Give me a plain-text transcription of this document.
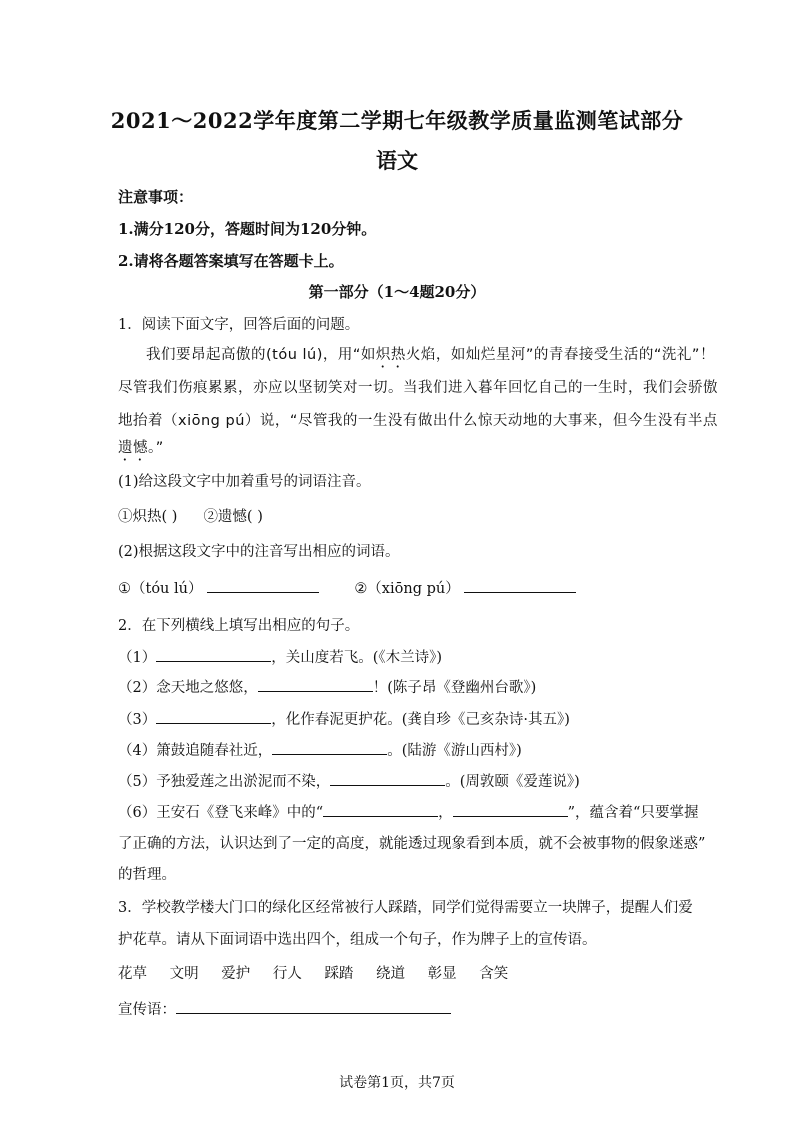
2021～2022学年度第二学期七年级教学质量监测笔试部分
语文
注意事项：
1.满分120分，答题时间为120分钟。
2.请将各题答案填写在答题卡上。
第一部分（1～4题20分）
1．阅读下面文字，回答后面的问题。
我们要昂起高傲的(tóu lú)，用“如炽热火焰，如灿烂星河”的青春接受生活的“洗礼”！
尽管我们伤痕累累，亦应以坚韧笑对一切。当我们进入暮年回忆自己的一生时，我们会骄傲
地抬着（xiōng pú）说，“尽管我的一生没有做出什么惊天动地的大事来，但今生没有半点
遗憾。”
(1)给这段文字中加着重号的词语注音。
①炽热( ) ②遗憾( )
(2)根据这段文字中的注音写出相应的词语。
①（tóu lú）	②（xiōng pú）
2．在下列横线上填写出相应的句子。
（1）	，关山度若飞。(《木兰诗》)
（2）念天地之悠悠，	！(陈子昂《登幽州台歌》)
（3）	，化作春泥更护花。(龚自珍《己亥杂诗·其五》)
（4）箫鼓追随春社近，	。(陆游《游山西村》)
（5）予独爱莲之出淤泥而不染，	。(周敦颐《爱莲说》)
（6）王安石《登飞来峰》中的“	，	”，蕴含着“只要掌握
了正确的方法，认识达到了一定的高度，就能透过现象看到本质，就不会被事物的假象迷惑”
的哲理。
3．学校教学楼大门口的绿化区经常被行人踩踏，同学们觉得需要立一块牌子，提醒人们爱
护花草。请从下面词语中选出四个，组成一个句子，作为牌子上的宣传语。
花草 文明 爱护 行人 踩踏 绕道 彰显 含笑
宣传语：
试卷第1页，共7页
